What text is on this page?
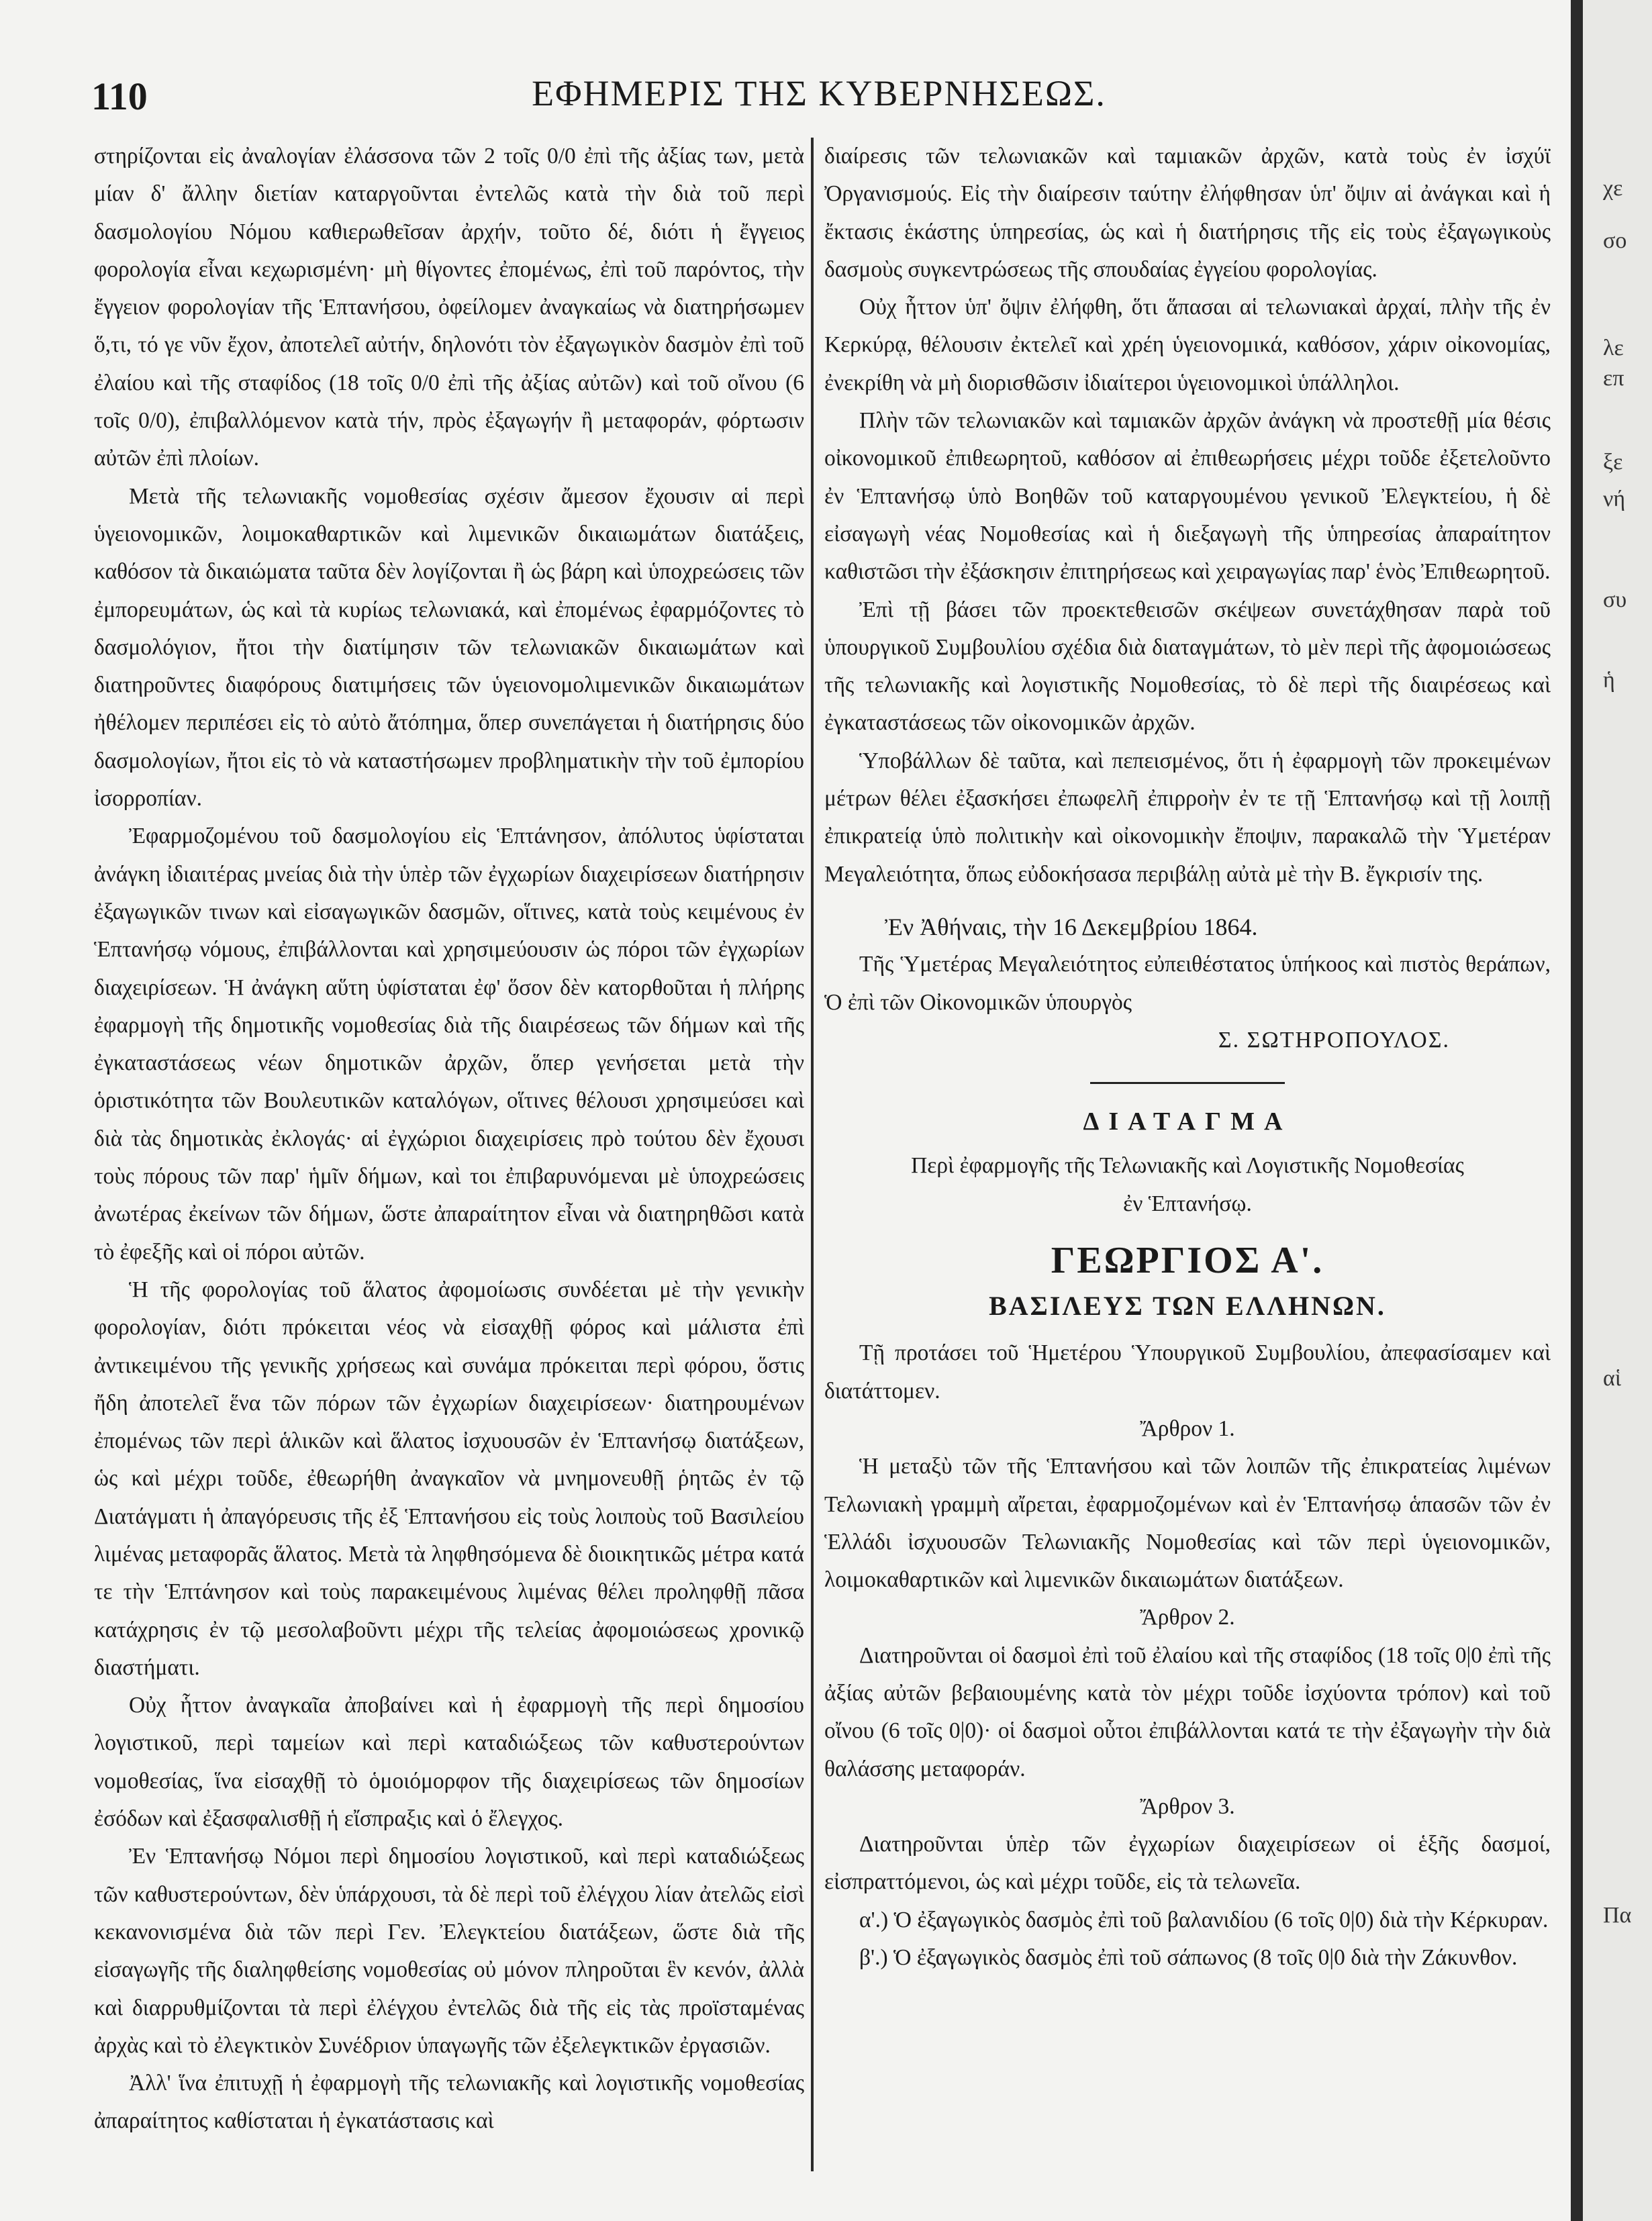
110	ΕΦΗΜΕΡΙΣ ΤΗΣ ΚΥΒΕΡΝΗΣΕΩΣ.

στηρίζονται εἰς ἀναλογίαν ἐλάσσονα τῶν 2 τοῖς 0/0 ἐπὶ τῆς ἀξίας των, μετὰ μίαν δ' ἄλλην διετίαν καταργοῦνται ἐντελῶς κατὰ τὴν διὰ τοῦ περὶ δασμολογίου Νόμου καθιερωθεῖσαν ἀρχήν, τοῦτο δέ, διότι ἡ ἔγγειος φορολογία εἶναι κεχωρισμένη· μὴ θίγοντες ἐπομένως, ἐπὶ τοῦ παρόντος, τὴν ἔγγειον φορολογίαν τῆς Ἑπτανήσου, ὀφείλομεν ἀναγκαίως νὰ διατηρήσωμεν ὅ,τι, τό γε νῦν ἔχον, ἀποτελεῖ αὐτήν, δηλονότι τὸν ἐξαγωγικὸν δασμὸν ἐπὶ τοῦ ἐλαίου καὶ τῆς σταφίδος (18 τοῖς 0/0 ἐπὶ τῆς ἀξίας αὐτῶν) καὶ τοῦ οἴνου (6 τοῖς 0/0), ἐπιβαλλόμενον κατὰ τήν, πρὸς ἐξαγωγήν ἢ μεταφοράν, φόρτωσιν αὐτῶν ἐπὶ πλοίων.

Μετὰ τῆς τελωνιακῆς νομοθεσίας σχέσιν ἄμεσον ἔχουσιν αἱ περὶ ὑγειονομικῶν, λοιμοκαθαρτικῶν καὶ λιμενικῶν δικαιωμάτων διατάξεις, καθόσον τὰ δικαιώματα ταῦτα δὲν λογίζονται ἢ ὡς βάρη καὶ ὑποχρεώσεις τῶν ἐμπορευμάτων, ὡς καὶ τὰ κυρίως τελωνιακά, καὶ ἐπομένως ἐφαρμόζοντες τὸ δασμολόγιον, ἤτοι τὴν διατίμησιν τῶν τελωνιακῶν δικαιωμάτων καὶ διατηροῦντες διαφόρους διατιμήσεις τῶν ὑγειονομολιμενικῶν δικαιωμάτων ἠθέλομεν περιπέσει εἰς τὸ αὐτὸ ἄτόπημα, ὅπερ συνεπάγεται ἡ διατήρησις δύο δασμολογίων, ἤτοι εἰς τὸ νὰ καταστήσωμεν προβληματικὴν τὴν τοῦ ἐμπορίου ἰσορροπίαν.

Ἐφαρμοζομένου τοῦ δασμολογίου εἰς Ἑπτάνησον, ἀπόλυτος ὑφίσταται ἀνάγκη ἰδιαιτέρας μνείας διὰ τὴν ὑπὲρ τῶν ἐγχωρίων διαχειρίσεων διατήρησιν ἐξαγωγικῶν τινων καὶ εἰσαγωγικῶν δασμῶν, οἵτινες, κατὰ τοὺς κειμένους ἐν Ἑπτανήσῳ νόμους, ἐπιβάλλονται καὶ χρησιμεύουσιν ὡς πόροι τῶν ἐγχωρίων διαχειρίσεων. Ἡ ἀνάγκη αὕτη ὑφίσταται ἐφ' ὅσον δὲν κατορθοῦται ἡ πλήρης ἐφαρμογὴ τῆς δημοτικῆς νομοθεσίας διὰ τῆς διαιρέσεως τῶν δήμων καὶ τῆς ἐγκαταστάσεως νέων δημοτικῶν ἀρχῶν, ὅπερ γενήσεται μετὰ τὴν ὁριστικότητα τῶν Βουλευτικῶν καταλόγων, οἵτινες θέλουσι χρησιμεύσει καὶ διὰ τὰς δημοτικὰς ἐκλογάς· αἱ ἐγχώριοι διαχειρίσεις πρὸ τούτου δὲν ἔχουσι τοὺς πόρους τῶν παρ' ἡμῖν δήμων, καὶ τοι ἐπιβαρυνόμεναι μὲ ὑποχρεώσεις ἀνωτέρας ἐκείνων τῶν δήμων, ὥστε ἀπαραίτητον εἶναι νὰ διατηρηθῶσι κατὰ τὸ ἐφεξῆς καὶ οἱ πόροι αὐτῶν.

Ἡ τῆς φορολογίας τοῦ ἅλατος ἀφομοίωσις συνδέεται μὲ τὴν γενικὴν φορολογίαν, διότι πρόκειται νέος νὰ εἰσαχθῇ φόρος καὶ μάλιστα ἐπὶ ἀντικειμένου τῆς γενικῆς χρήσεως καὶ συνάμα πρόκειται περὶ φόρου, ὅστις ἤδη ἀποτελεῖ ἕνα τῶν πόρων τῶν ἐγχωρίων διαχειρίσεων· διατηρουμένων ἐπομένως τῶν περὶ ἁλικῶν καὶ ἅλατος ἰσχυουσῶν ἐν Ἑπτανήσῳ διατάξεων, ὡς καὶ μέχρι τοῦδε, ἐθεωρήθη ἀναγκαῖον νὰ μνημονευθῇ ῥητῶς ἐν τῷ Διατάγματι ἡ ἀπαγόρευσις τῆς ἐξ Ἑπτανήσου εἰς τοὺς λοιποὺς τοῦ Βασιλείου λιμένας μεταφορᾶς ἅλατος. Μετὰ τὰ ληφθησόμενα δὲ διοικητικῶς μέτρα κατά τε τὴν Ἑπτάνησον καὶ τοὺς παρακειμένους λιμένας θέλει προληφθῇ πᾶσα κατάχρησις ἐν τῷ μεσολαβοῦντι μέχρι τῆς τελείας ἀφομοιώσεως χρονικῷ διαστήματι.

Οὐχ ἧττον ἀναγκαῖα ἀποβαίνει καὶ ἡ ἐφαρμογὴ τῆς περὶ δημοσίου λογιστικοῦ, περὶ ταμείων καὶ περὶ καταδιώξεως τῶν καθυστερούντων νομοθεσίας, ἵνα εἰσαχθῇ τὸ ὁμοιόμορφον τῆς διαχειρίσεως τῶν δημοσίων ἐσόδων καὶ ἐξασφαλισθῇ ἡ εἴσπραξις καὶ ὁ ἔλεγχος.

Ἐν Ἑπτανήσῳ Νόμοι περὶ δημοσίου λογιστικοῦ, καὶ περὶ καταδιώξεως τῶν καθυστερούντων, δὲν ὑπάρχουσι, τὰ δὲ περὶ τοῦ ἐλέγχου λίαν ἀτελῶς εἰσὶ κεκανονισμένα διὰ τῶν περὶ Γεν. Ἐλεγκτείου διατάξεων, ὥστε διὰ τῆς εἰσαγωγῆς τῆς διαληφθείσης νομοθεσίας οὐ μόνον πληροῦται ἓν κενόν, ἀλλὰ καὶ διαρρυθμίζονται τὰ περὶ ἐλέγχου ἐντελῶς διὰ τῆς εἰς τὰς προϊσταμένας ἀρχὰς καὶ τὸ ἐλεγκτικὸν Συνέδριον ὑπαγωγῆς τῶν ἐξελεγκτικῶν ἐργασιῶν.

Ἀλλ' ἵνα ἐπιτυχῇ ἡ ἐφαρμογὴ τῆς τελωνιακῆς καὶ λογιστικῆς νομοθεσίας ἀπαραίτητος καθίσταται ἡ ἐγκατάστασις καὶ

διαίρεσις τῶν τελωνιακῶν καὶ ταμιακῶν ἀρχῶν, κατὰ τοὺς ἐν ἰσχύϊ Ὀργανισμούς. Εἰς τὴν διαίρεσιν ταύτην ἐλήφθησαν ὑπ' ὄψιν αἱ ἀνάγκαι καὶ ἡ ἔκτασις ἑκάστης ὑπηρεσίας, ὡς καὶ ἡ διατήρησις τῆς εἰς τοὺς ἐξαγωγικοὺς δασμοὺς συγκεντρώσεως τῆς σπουδαίας ἐγγείου φορολογίας.

Οὐχ ἧττον ὑπ' ὄψιν ἐλήφθη, ὅτι ἅπασαι αἱ τελωνιακαὶ ἀρχαί, πλὴν τῆς ἐν Κερκύρᾳ, θέλουσιν ἐκτελεῖ καὶ χρέη ὑγειονομικά, καθόσον, χάριν οἰκονομίας, ἐνεκρίθη νὰ μὴ διορισθῶσιν ἰδιαίτεροι ὑγειονομικοὶ ὑπάλληλοι.

Πλὴν τῶν τελωνιακῶν καὶ ταμιακῶν ἀρχῶν ἀνάγκη νὰ προστεθῇ μία θέσις οἰκονομικοῦ ἐπιθεωρητοῦ, καθόσον αἱ ἐπιθεωρήσεις μέχρι τοῦδε ἐξετελοῦντο ἐν Ἑπτανήσῳ ὑπὸ Βοηθῶν τοῦ καταργουμένου γενικοῦ Ἐλεγκτείου, ἡ δὲ εἰσαγωγὴ νέας Νομοθεσίας καὶ ἡ διεξαγωγὴ τῆς ὑπηρεσίας ἀπαραίτητον καθιστῶσι τὴν ἐξάσκησιν ἐπιτηρήσεως καὶ χειραγωγίας παρ' ἑνὸς Ἐπιθεωρητοῦ.

Ἐπὶ τῇ βάσει τῶν προεκτεθεισῶν σκέψεων συνετάχθησαν παρὰ τοῦ ὑπουργικοῦ Συμβουλίου σχέδια διὰ διαταγμάτων, τὸ μὲν περὶ τῆς ἀφομοιώσεως τῆς τελωνιακῆς καὶ λογιστικῆς Νομοθεσίας, τὸ δὲ περὶ τῆς διαιρέσεως καὶ ἐγκαταστάσεως τῶν οἰκονομικῶν ἀρχῶν.

Ὑποβάλλων δὲ ταῦτα, καὶ πεπεισμένος, ὅτι ἡ ἐφαρμογὴ τῶν προκειμένων μέτρων θέλει ἐξασκήσει ἐπωφελῆ ἐπιρροὴν ἐν τε τῇ Ἑπτανήσῳ καὶ τῇ λοιπῇ ἐπικρατείᾳ ὑπὸ πολιτικὴν καὶ οἰκονομικὴν ἔποψιν, παρακαλῶ τὴν Ὑμετέραν Μεγαλειότητα, ὅπως εὐδοκήσασα περιβάλῃ αὐτὰ μὲ τὴν Β. ἔγκρισίν της.

Ἐν Ἀθήναις, τὴν 16 Δεκεμβρίου 1864.

Τῆς Ὑμετέρας Μεγαλειότητος εὐπειθέστατος ὑπήκοος καὶ πιστὸς θεράπων, Ὁ ἐπὶ τῶν Οἰκονομικῶν ὑπουργὸς

Σ. ΣΩΤΗΡΟΠΟΥΛΟΣ.

ΔΙΑΤΑΓΜΑ

Περὶ ἐφαρμογῆς τῆς Τελωνιακῆς καὶ Λογιστικῆς Νομοθεσίας ἐν Ἑπτανήσῳ.

ΓΕΩΡΓΙΟΣ Α'.

ΒΑΣΙΛΕΥΣ ΤΩΝ ΕΛΛΗΝΩΝ.

Τῇ προτάσει τοῦ Ἡμετέρου Ὑπουργικοῦ Συμβουλίου, ἀπεφασίσαμεν καὶ διατάττομεν.

Ἄρθρον 1.

Ἡ μεταξὺ τῶν τῆς Ἑπτανήσου καὶ τῶν λοιπῶν τῆς ἐπικρατείας λιμένων Τελωνιακὴ γραμμὴ αἴρεται, ἐφαρμοζομένων καὶ ἐν Ἑπτανήσῳ ἁπασῶν τῶν ἐν Ἑλλάδι ἰσχυουσῶν Τελωνιακῆς Νομοθεσίας καὶ τῶν περὶ ὑγειονομικῶν, λοιμοκαθαρτικῶν καὶ λιμενικῶν δικαιωμάτων διατάξεων.

Ἄρθρον 2.

Διατηροῦνται οἱ δασμοὶ ἐπὶ τοῦ ἐλαίου καὶ τῆς σταφίδος (18 τοῖς 0|0 ἐπὶ τῆς ἀξίας αὐτῶν βεβαιουμένης κατὰ τὸν μέχρι τοῦδε ἰσχύοντα τρόπον) καὶ τοῦ οἴνου (6 τοῖς 0|0)· οἱ δασμοὶ οὗτοι ἐπιβάλλονται κατά τε τὴν ἐξαγωγὴν τὴν διὰ θαλάσσης μεταφοράν.

Ἄρθρον 3.

Διατηροῦνται ὑπὲρ τῶν ἐγχωρίων διαχειρίσεων οἱ ἑξῆς δασμοί, εἰσπραττόμενοι, ὡς καὶ μέχρι τοῦδε, εἰς τὰ τελωνεῖα.

α'.) Ὁ ἐξαγωγικὸς δασμὸς ἐπὶ τοῦ βαλανιδίου (6 τοῖς 0|0) διὰ τὴν Κέρκυραν.

β'.) Ὁ ἐξαγωγικὸς δασμὸς ἐπὶ τοῦ σάπωνος (8 τοῖς 0|0 διὰ τὴν Ζάκυνθον.

χε
σο
λε
επ
ξε
νή
συ
ἡ
αἱ
Πα
